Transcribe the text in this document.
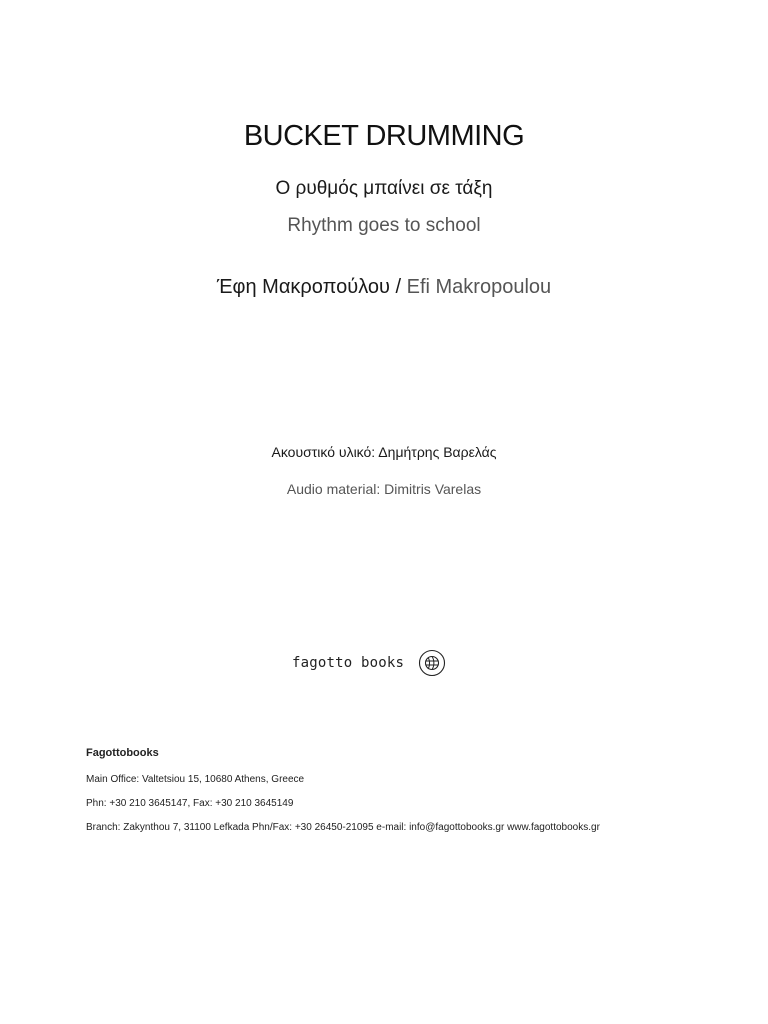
BUCKET DRUMMING
Ο ρυθμός μπαίνει σε τάξη
Rhythm goes to school
Έφη Μακροπούλου / Efi Makropoulou
Ακουστικό υλικό: Δημήτρης Βαρελάς
Audio material: Dimitris Varelas
fagotto books
Fagottobooks
Main Office: Valtetsiou 15, 10680 Athens, Greece
Phn: +30 210 3645147, Fax: +30 210 3645149
Branch: Zakynthou 7, 31100 Lefkada Phn/Fax: +30 26450-21095 e-mail: info@fagottobooks.gr www.fagottobooks.gr
